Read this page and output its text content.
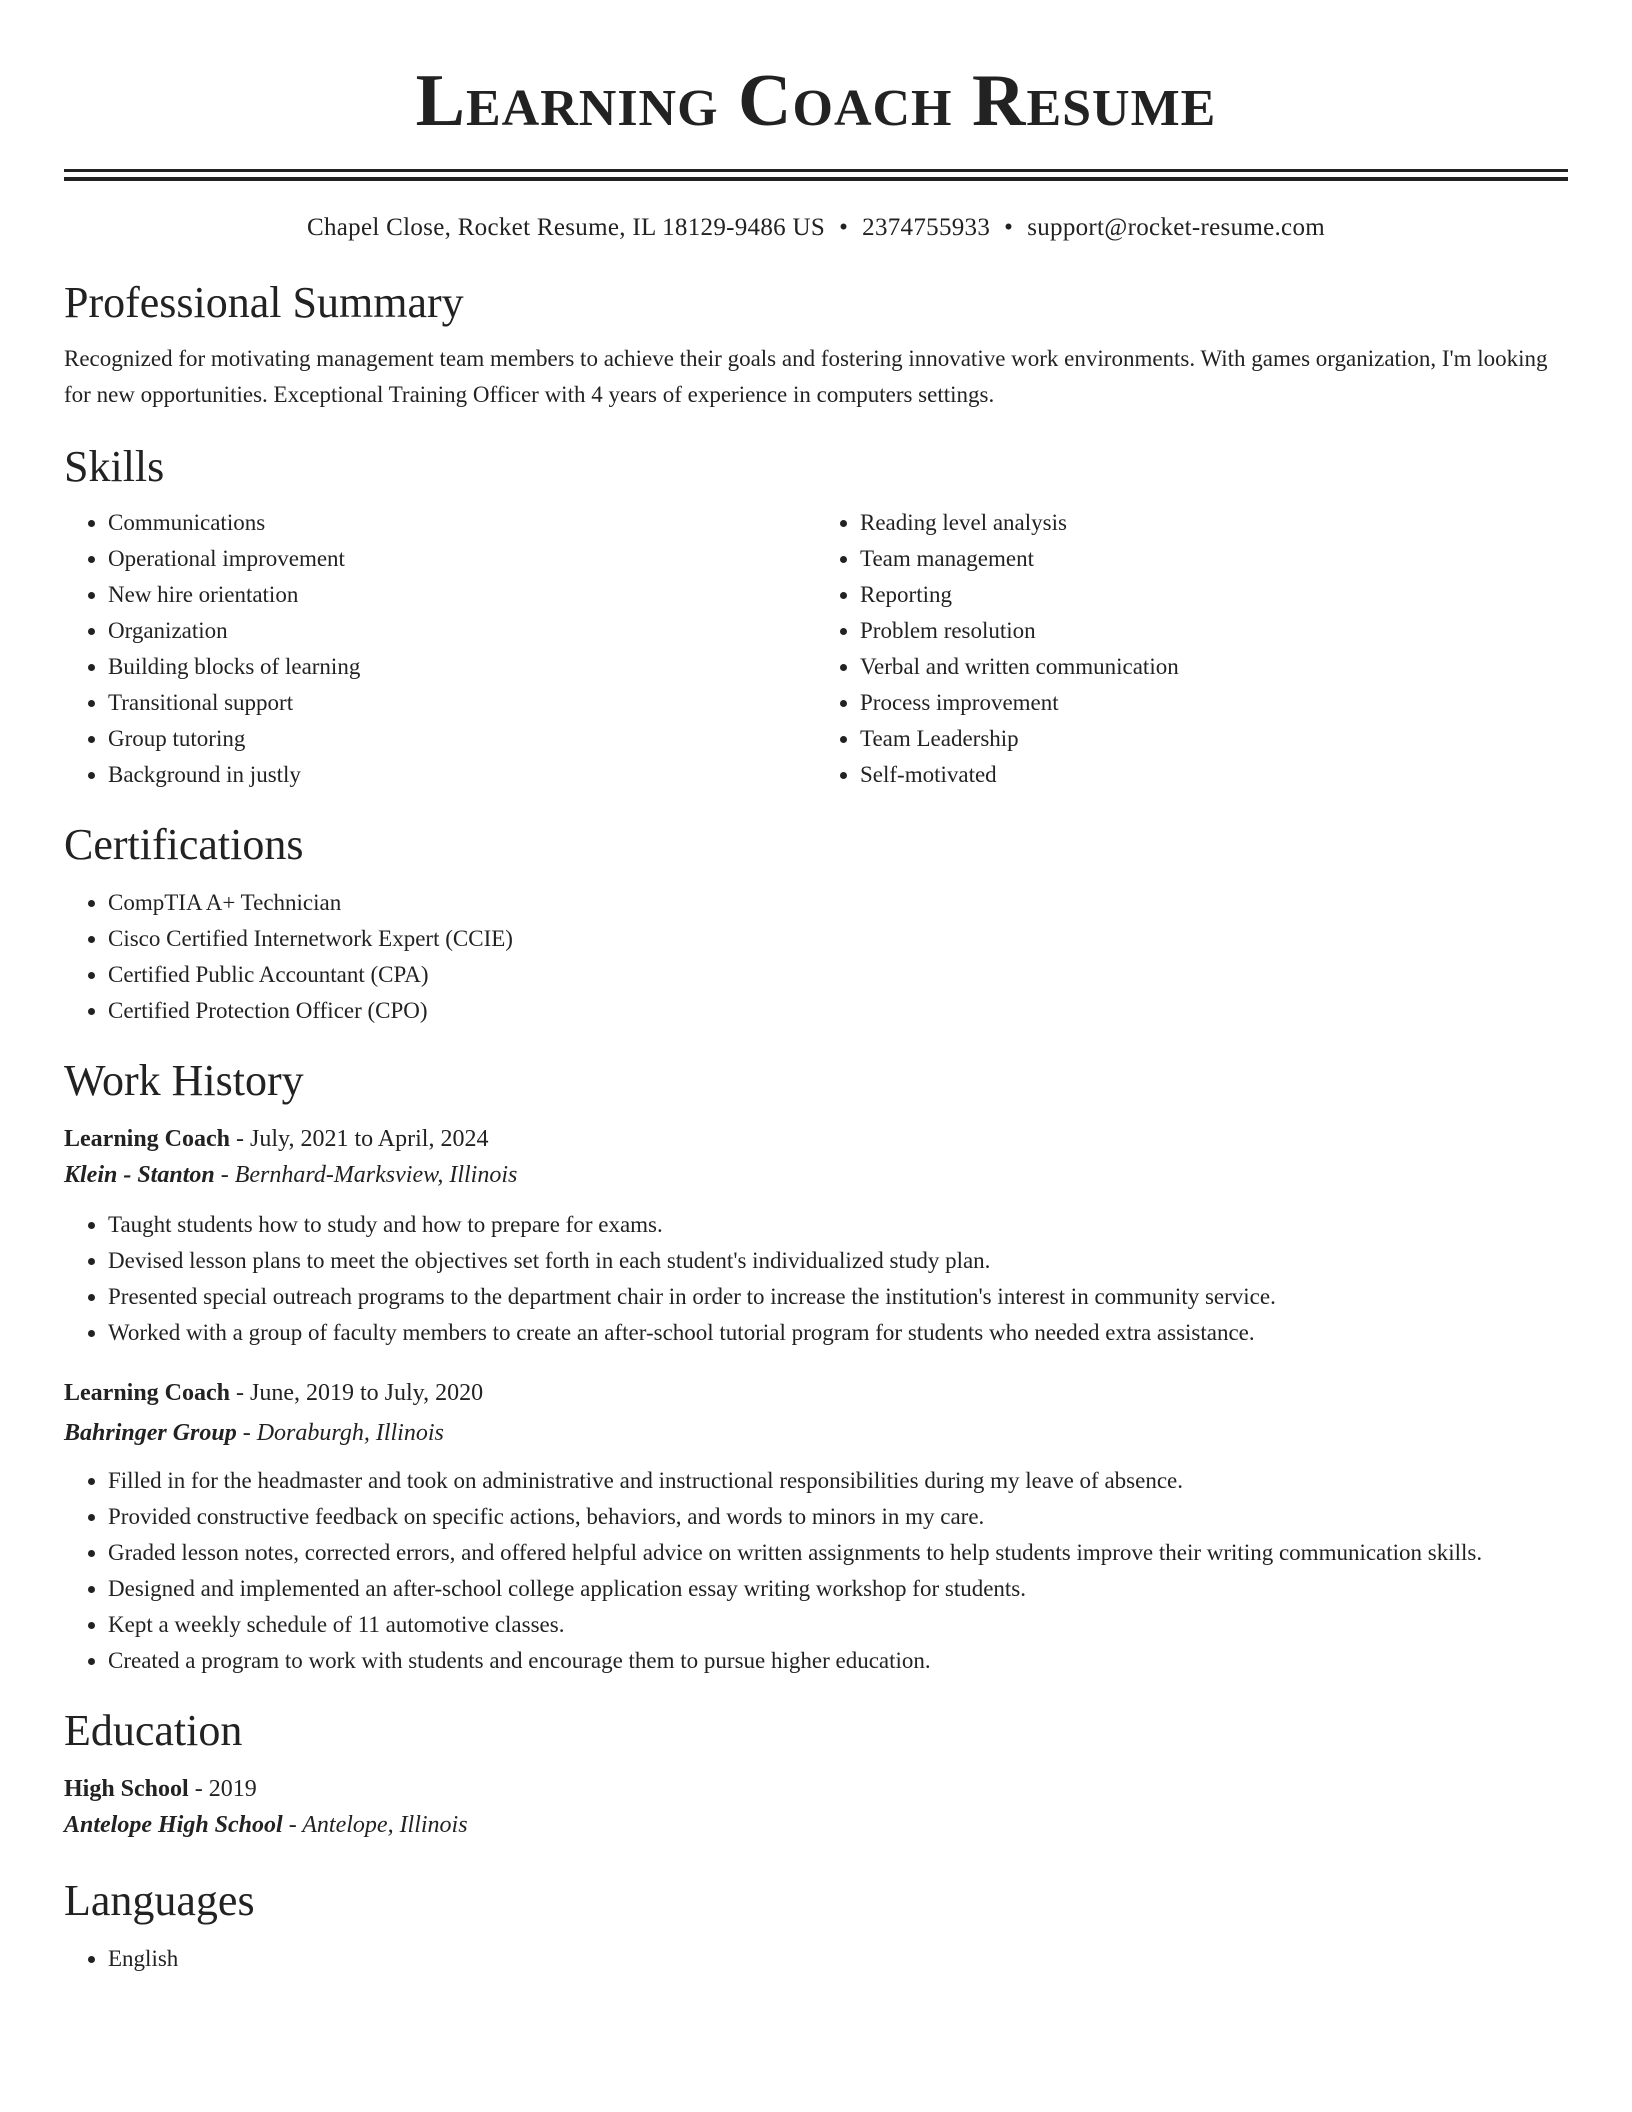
Learning Coach Resume
Chapel Close, Rocket Resume, IL 18129-9486 US • 2374755933 • support@rocket-resume.com
Professional Summary

Recognized for motivating management team members to achieve their goals and fostering innovative work environments. With games organization, I'm looking for new opportunities. Exceptional Training Officer with 4 years of experience in computers settings.

Skills
• Communications
• Operational improvement
• New hire orientation
• Organization
• Building blocks of learning
• Transitional support
• Group tutoring
• Background in justly
• Reading level analysis
• Team management
• Reporting
• Problem resolution
• Verbal and written communication
• Process improvement
• Team Leadership
• Self-motivated
Certifications
• CompTIA A+ Technician
• Cisco Certified Internetwork Expert (CCIE)
• Certified Public Accountant (CPA)
• Certified Protection Officer (CPO)
Work History
Learning Coach - July, 2021 to April, 2024
Klein - Stanton - Bernhard-Marksview, Illinois
• Taught students how to study and how to prepare for exams.
• Devised lesson plans to meet the objectives set forth in each student's individualized study plan.
• Presented special outreach programs to the department chair in order to increase the institution's interest in community service.
• Worked with a group of faculty members to create an after-school tutorial program for students who needed extra assistance.
Learning Coach - June, 2019 to July, 2020
Bahringer Group - Doraburgh, Illinois
• Filled in for the headmaster and took on administrative and instructional responsibilities during my leave of absence.
• Provided constructive feedback on specific actions, behaviors, and words to minors in my care.
• Graded lesson notes, corrected errors, and offered helpful advice on written assignments to help students improve their writing communication skills.
• Designed and implemented an after-school college application essay writing workshop for students.
• Kept a weekly schedule of 11 automotive classes.
• Created a program to work with students and encourage them to pursue higher education.
Education
High School - 2019
Antelope High School - Antelope, Illinois
Languages
• English
